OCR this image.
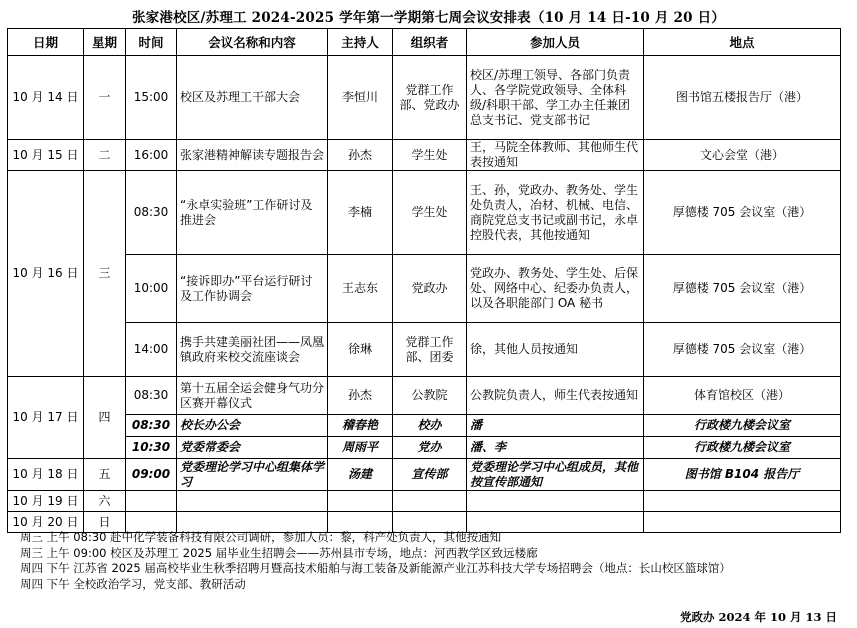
张家港校区/苏理工 2024-2025 学年第一学期第七周会议安排表（10 月 14 日-10 月 20 日）
日期	星期	时间	会议名称和内容	主持人	组织者	参加人员	地点
10 月 14 日	一	15:00	校区及苏理工干部大会	李恒川	党群工作部、党政办	校区/苏理工领导、各部门负责人、各学院党政领导、全体科级/科职干部、学工办主任兼团总支书记、党支部书记	图书馆五楼报告厅（港）
10 月 15 日	二	16:00	张家港精神解读专题报告会	孙杰	学生处	王，马院全体教师、其他师生代表按通知	文心会堂（港）
10 月 16 日	三	08:30	“永卓实验班”工作研讨及推进会	李楠	学生处	王、孙，党政办、教务处、学生处负责人，冶材、机械、电信、商院党总支书记或副书记，永卓控股代表，其他按通知	厚德楼 705 会议室（港）
		10:00	“接诉即办”平台运行研讨及工作协调会	王志东	党政办	党政办、教务处、学生处、后保处、网络中心、纪委办负责人，以及各职能部门 OA 秘书	厚德楼 705 会议室（港）
		14:00	携手共建美丽社团——凤凰镇政府来校交流座谈会	徐琳	党群工作部、团委	徐，其他人员按通知	厚德楼 705 会议室（港）
10 月 17 日	四	08:30	第十五届全运会健身气功分区赛开幕仪式	孙杰	公教院	公教院负责人，师生代表按通知	体育馆校区（港）
		08:30	校长办公会	稽春艳	校办	潘	行政楼九楼会议室
		10:30	党委常委会	周雨平	党办	潘、李	行政楼九楼会议室
10 月 18 日	五	09:00	党委理论学习中心组集体学习	汤建	宣传部	党委理论学习中心组成员，其他按宣传部通知	图书馆 B104 报告厅
10 月 19 日	六						
10 月 20 日	日						
周三 上午 08:30 赴中化学装备科技有限公司调研，参加人员：黎，科产处负责人，其他按通知
周三 上午 09:00 校区及苏理工 2025 届毕业生招聘会——苏州县市专场，地点：河西教学区致远楼廊
周四 下午 江苏省 2025 届高校毕业生秋季招聘月暨高技术船舶与海工装备及新能源产业江苏科技大学专场招聘会（地点：长山校区篮球馆）
周四 下午 全校政治学习，党支部、教研活动
党政办 2024 年 10 月 13 日
